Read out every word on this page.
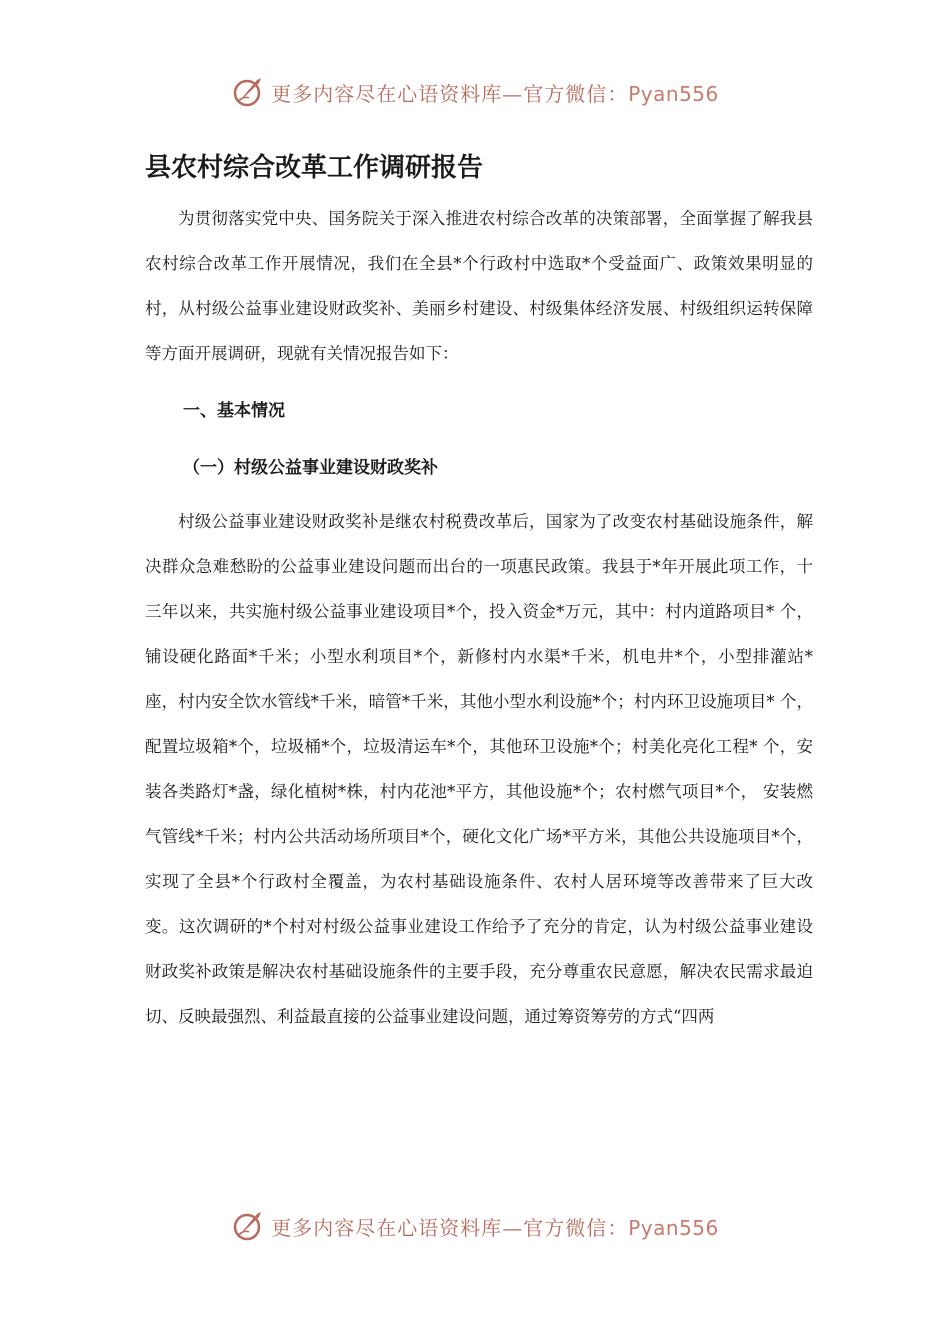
更多内容尽在心语资料库—官方微信：Pyan556
县农村综合改革工作调研报告

为贯彻落实党中央、国务院关于深入推进农村综合改革的决策部署，全面掌握了解我县农村综合改革工作开展情况，我们在全县*个行政村中选取*个受益面广、政策效果明显的村，从村级公益事业建设财政奖补、美丽乡村建设、村级集体经济发展、村级组织运转保障等方面开展调研，现就有关情况报告如下：

一、基本情况
（一）村级公益事业建设财政奖补

村级公益事业建设财政奖补是继农村税费改革后，国家为了改变农村基础设施条件，解决群众急难愁盼的公益事业建设问题而出台的一项惠民政策。我县于*年开展此项工作，十三年以来，共实施村级公益事业建设项目*个，投入资金*万元，其中：村内道路项目* 个，铺设硬化路面*千米；小型水利项目*个，新修村内水渠*千米，机电井*个，小型排灌站*座，村内安全饮水管线*千米，暗管*千米，其他小型水利设施*个；村内环卫设施项目* 个，配置垃圾箱*个，垃圾桶*个，垃圾清运车*个，其他环卫设施*个；村美化亮化工程* 个，安装各类路灯*盏，绿化植树*株，村内花池*平方，其他设施*个；农村燃气项目*个， 安装燃气管线*千米；村内公共活动场所项目*个，硬化文化广场*平方米，其他公共设施项目*个，实现了全县*个行政村全覆盖，为农村基础设施条件、农村人居环境等改善带来了巨大改变。这次调研的*个村对村级公益事业建设工作给予了充分的肯定，认为村级公益事业建设财政奖补政策是解决农村基础设施条件的主要手段，充分尊重农民意愿，解决农民需求最迫切、反映最强烈、利益最直接的公益事业建设问题，通过筹资筹劳的方式“四两

更多内容尽在心语资料库—官方微信：Pyan556
